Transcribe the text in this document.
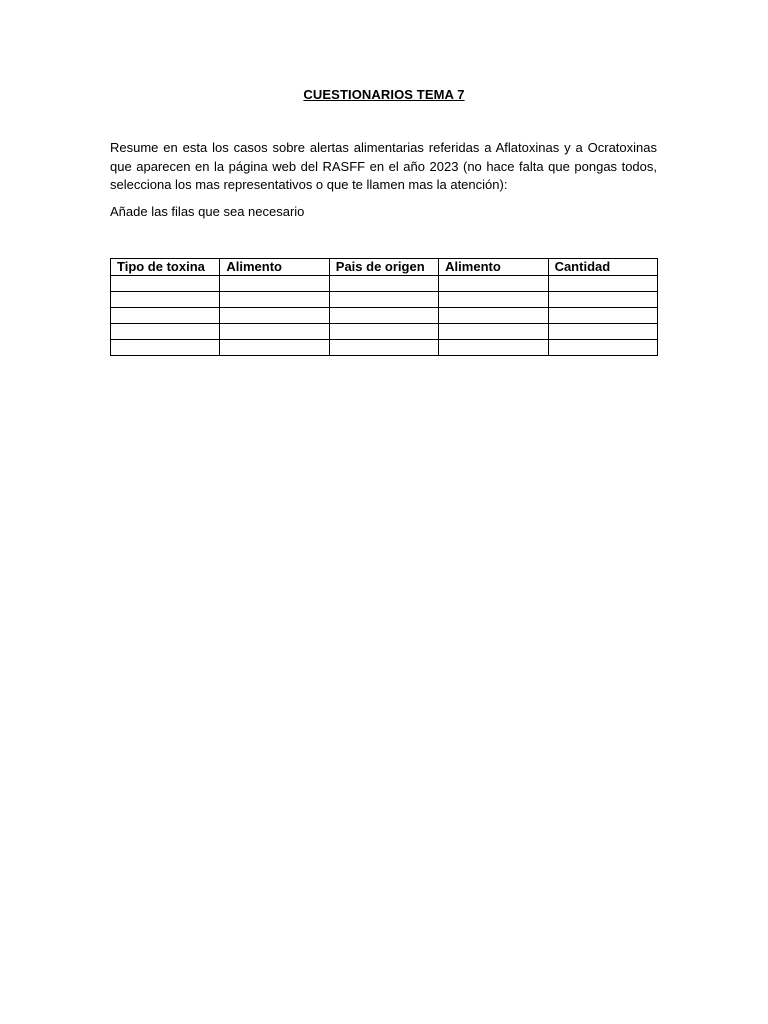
CUESTIONARIOS TEMA 7

Resume en esta los casos sobre alertas alimentarias referidas a Aflatoxinas y a Ocratoxinas que aparecen en la página web del RASFF en el año 2023 (no hace falta que pongas todos, selecciona los mas representativos o que te llamen mas la atención):

Añade las filas que sea necesario

Tipo de toxina	Alimento	Pais de origen	Alimento	Cantidad
